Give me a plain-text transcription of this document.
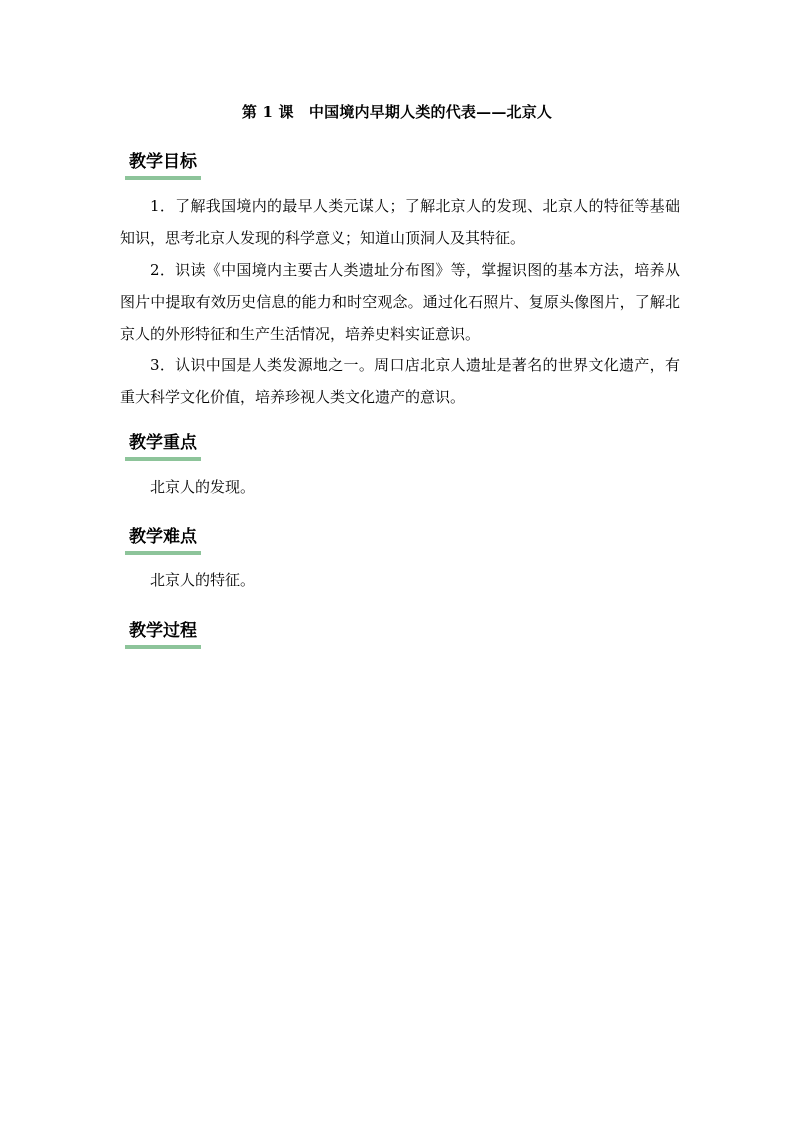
第 1 课　中国境内早期人类的代表——北京人
教学目标

1．了解我国境内的最早人类元谋人；了解北京人的发现、北京人的特征等基础知识，思考北京人发现的科学意义；知道山顶洞人及其特征。

2．识读《中国境内主要古人类遗址分布图》等，掌握识图的基本方法，培养从图片中提取有效历史信息的能力和时空观念。通过化石照片、复原头像图片，了解北京人的外形特征和生产生活情况，培养史料实证意识。

3．认识中国是人类发源地之一。周口店北京人遗址是著名的世界文化遗产，有重大科学文化价值，培养珍视人类文化遗产的意识。

教学重点

北京人的发现。

教学难点

北京人的特征。

教学过程
